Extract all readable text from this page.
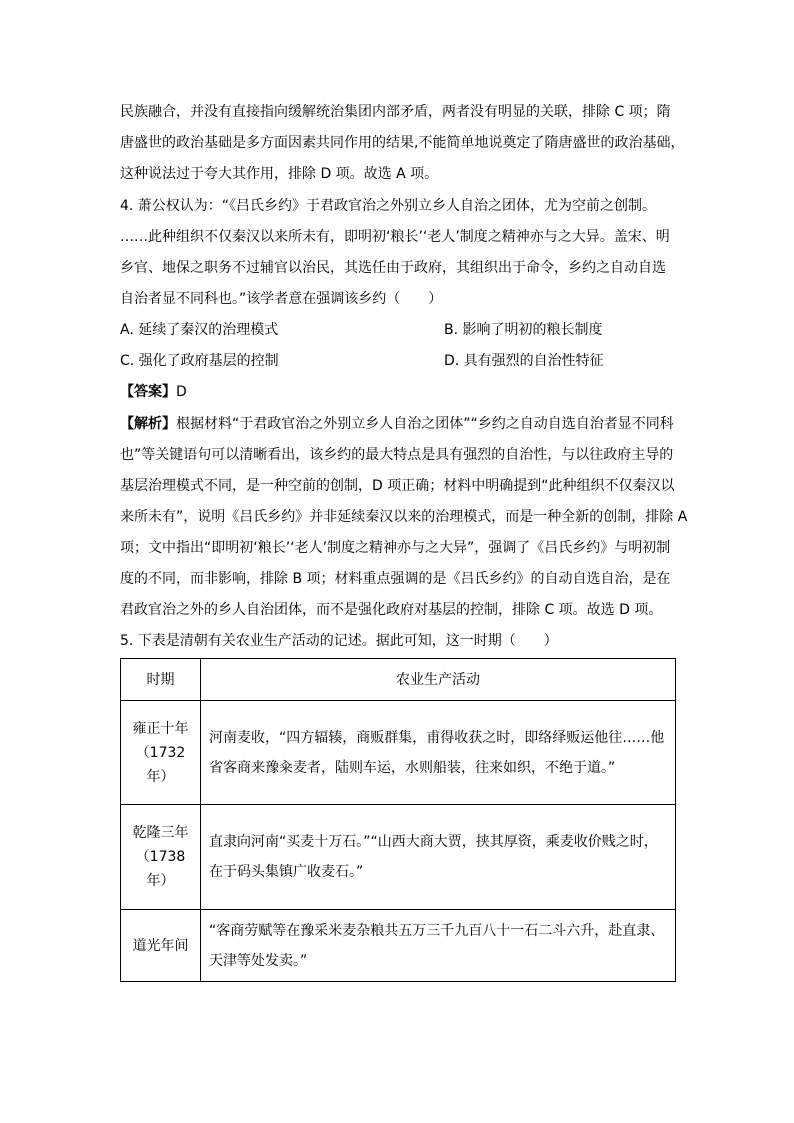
民族融合，并没有直接指向缓解统治集团内部矛盾，两者没有明显的关联，排除 C 项；隋
唐盛世的政治基础是多方面因素共同作用的结果,不能简单地说奠定了隋唐盛世的政治基础，
这种说法过于夸大其作用，排除 D 项。故选 A 项。
4. 萧公权认为：“《吕氏乡约》于君政官治之外别立乡人自治之团体，尤为空前之创制。
……此种组织不仅秦汉以来所未有，即明初‘粮长’‘老人’制度之精神亦与之大异。盖宋、明
乡官、地保之职务不过辅官以治民，其选任由于政府，其组织出于命令，乡约之自动自选
自治者显不同科也。”该学者意在强调该乡约（　　）
A. 延续了秦汉的治理模式	B. 影响了明初的粮长制度
C. 强化了政府基层的控制	D. 具有强烈的自治性特征
【答案】D
【解析】根据材料“于君政官治之外别立乡人自治之团体”“乡约之自动自选自治者显不同科
也”等关键语句可以清晰看出，该乡约的最大特点是具有强烈的自治性，与以往政府主导的
基层治理模式不同，是一种空前的创制，D 项正确；材料中明确提到“此种组织不仅秦汉以
来所未有”，说明《吕氏乡约》并非延续秦汉以来的治理模式，而是一种全新的创制，排除 A
项；文中指出“即明初‘粮长’‘老人’制度之精神亦与之大异”，强调了《吕氏乡约》与明初制
度的不同，而非影响，排除 B 项；材料重点强调的是《吕氏乡约》的自动自选自治，是在
君政官治之外的乡人自治团体，而不是强化政府对基层的控制，排除 C 项。故选 D 项。
5. 下表是清朝有关农业生产活动的记述。据此可知，这一时期（　　）
时期	农业生产活动

雍正十年
（1732
年）	河南麦收，“四方辐辏，商贩群集，甫得收获之时，即络绎贩运他往……他
省客商来豫籴麦者，陆则车运，水则船装，往来如织，不绝于道。”

乾隆三年
（1738
年）	直隶向河南“买麦十万石。”“山西大商大贾，挟其厚资，乘麦收价贱之时，
在于码头集镇广收麦石。”

道光年间	“客商劳赋等在豫采米麦杂粮共五万三千九百八十一石二斗六升，赴直隶、
天津等处发卖。”
